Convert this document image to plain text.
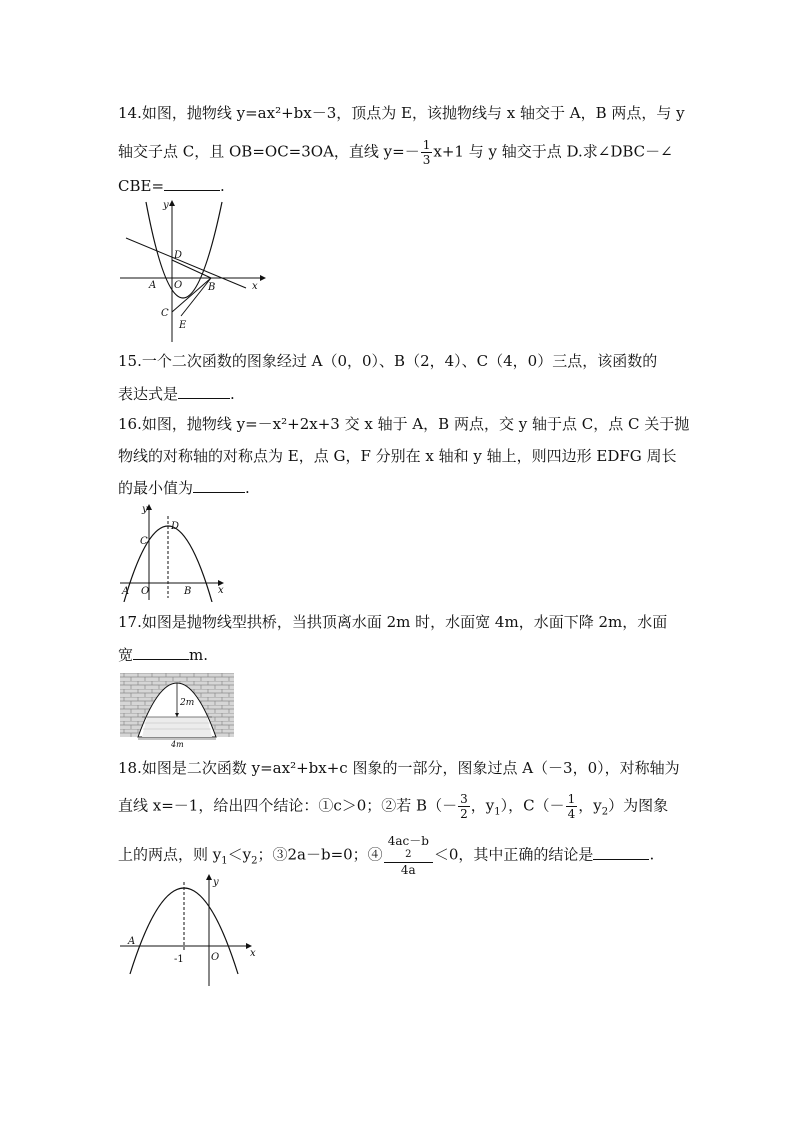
14.如图，抛物线 y=ax²+bx－3，顶点为 E，该抛物线与 x 轴交于 A，B 两点，与 y
轴交子点 C，且 OB=OC=3OA，直线 $y=- \frac{1}{3} x+1$ 与 y 轴交于点 D.求∠DBC－∠
CBE=	.
y
x
D
A O	B
C
E
15.一个二次函数的图象经过 A（0，0）、B（2，4）、C（4，0）三点，该函数的
表达式是	.
16.如图，抛物线 y=－x²+2x+3 交 x 轴于 A，B 两点，交 y 轴于点 C，点 C 关于抛
物线的对称轴的对称点为 E，点 G，F 分别在 x 轴和 y 轴上，则四边形 EDFG 周长
的最小值为	.
y
x
C
D
A O	B
17.如图是抛物线型拱桥，当拱顶离水面 2m 时，水面宽 4m，水面下降 2m，水面
宽	m.
2m
4m
18.如图是二次函数 y=ax²+bx+c 图象的一部分，图象过点 A（－3，0），对称轴为
直线 x=－1，给出四个结论：①c＞0；②若 $B(- \frac{3}{2}$ ，$y_1$），$C(- \frac{1}{4}$ ，$y_2$）为图象
上的两点，则 $y_1<y_2$；③2a－b=0；④ 4ac－b
2
4a ＜0，其中正确的结论是	.
y
x
A
-1	O
